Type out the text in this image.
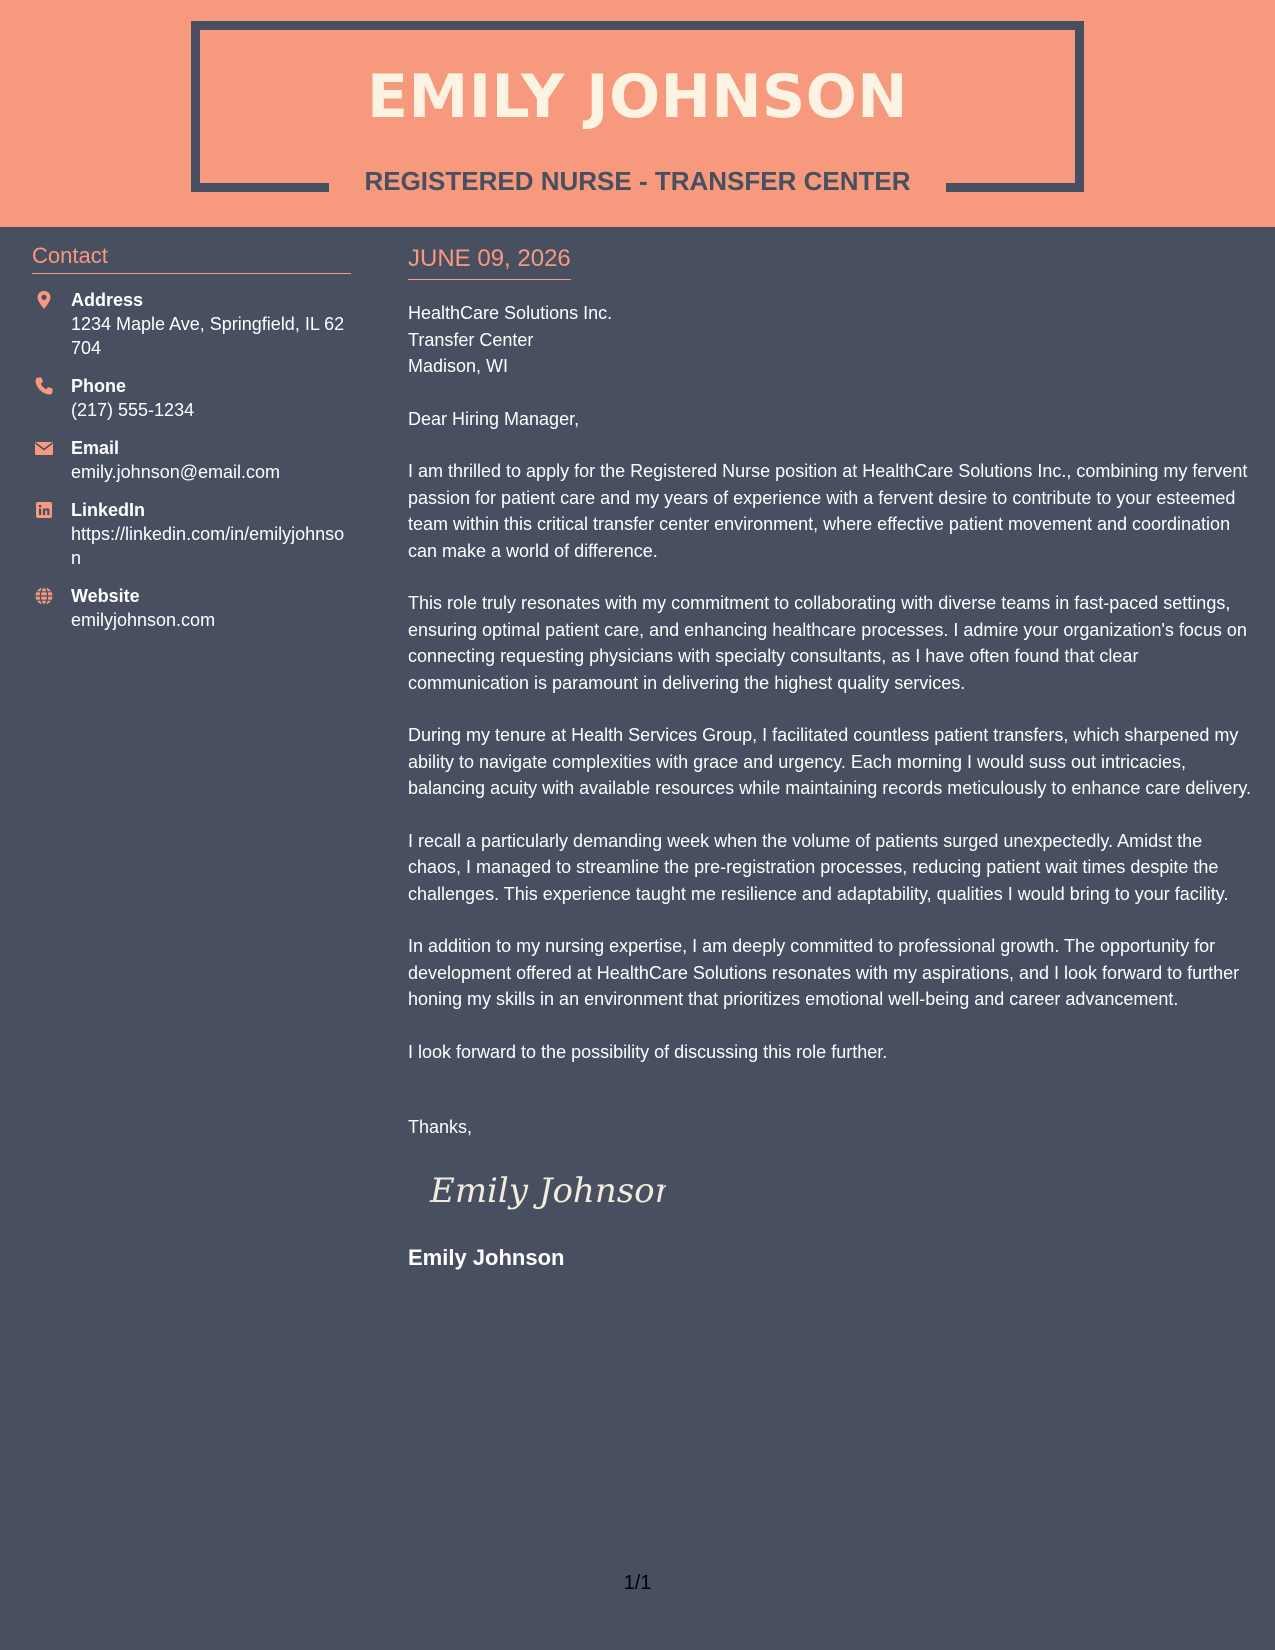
EMILY JOHNSON
REGISTERED NURSE - TRANSFER CENTER
Contact
Address
1234 Maple Ave, Springfield, IL 62704
Phone
(217) 555-1234
Email
emily.johnson@email.com
LinkedIn
https://linkedin.com/in/emilyjohnson
Website
emilyjohnson.com
JUNE 09, 2026
HealthCare Solutions Inc.
Transfer Center
Madison, WI

Dear Hiring Manager,

I am thrilled to apply for the Registered Nurse position at HealthCare Solutions Inc., combining my fervent passion for patient care and my years of experience with a fervent desire to contribute to your esteemed team within this critical transfer center environment, where effective patient movement and coordination can make a world of difference.

This role truly resonates with my commitment to collaborating with diverse teams in fast-paced settings, ensuring optimal patient care, and enhancing healthcare processes. I admire your organization's focus on connecting requesting physicians with specialty consultants, as I have often found that clear communication is paramount in delivering the highest quality services.

During my tenure at Health Services Group, I facilitated countless patient transfers, which sharpened my ability to navigate complexities with grace and urgency. Each morning I would suss out intricacies, balancing acuity with available resources while maintaining records meticulously to enhance care delivery.

I recall a particularly demanding week when the volume of patients surged unexpectedly. Amidst the chaos, I managed to streamline the pre-registration processes, reducing patient wait times despite the challenges. This experience taught me resilience and adaptability, qualities I would bring to your facility.

In addition to my nursing expertise, I am deeply committed to professional growth. The opportunity for development offered at HealthCare Solutions resonates with my aspirations, and I look forward to further honing my skills in an environment that prioritizes emotional well-being and career advancement.

I look forward to the possibility of discussing this role further.

Thanks,
Emily Johnson
Emily Johnson
1/1
